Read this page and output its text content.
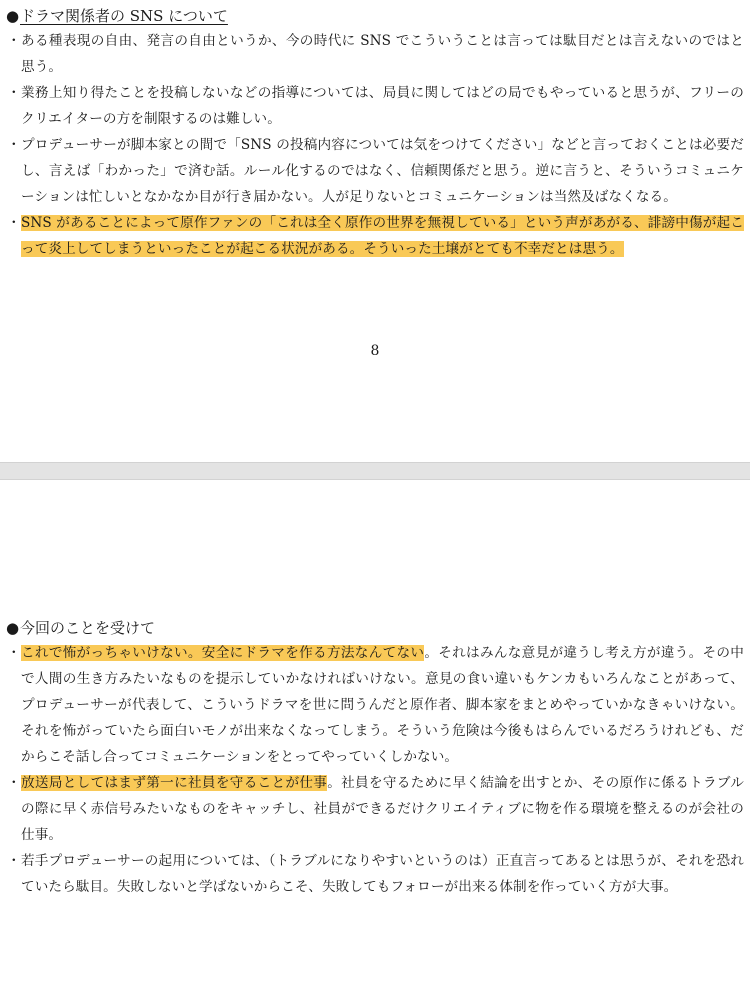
●ドラマ関係者の SNS について
・ ある種表現の自由、発言の自由というか、今の時代に SNS でこういうことは言っては駄目だとは言えないのではと思う。
・ 業務上知り得たことを投稿しないなどの指導については、局員に関してはどの局でもやっていると思うが、フリーのクリエイターの方を制限するのは難しい。
・ プロデューサーが脚本家との間で「SNS の投稿内容については気をつけてください」などと言っておくことは必要だし、言えば「わかった」で済む話。ルール化するのではなく、信頼関係だと思う。逆に言うと、そういうコミュニケーションは忙しいとなかなか目が行き届かない。人が足りないとコミュニケーションは当然及ばなくなる。
・ SNS があることによって原作ファンの「これは全く原作の世界を無視している」という声があがる、誹謗中傷が起こって炎上してしまうといったことが起こる状況がある。そういった土壌がとても不幸だとは思う。
8
●今回のことを受けて
・ これで怖がっちゃいけない。安全にドラマを作る方法なんてない。それはみんな意見が違うし考え方が違う。その中で人間の生き方みたいなものを提示していかなければいけない。意見の食い違いもケンカもいろんなことがあって、プロデューサーが代表して、こういうドラマを世に問うんだと原作者、脚本家をまとめやっていかなきゃいけない。それを怖がっていたら面白いモノが出来なくなってしまう。そういう危険は今後もはらんでいるだろうけれども、だからこそ話し合ってコミュニケーションをとってやっていくしかない。
・ 放送局としてはまず第一に社員を守ることが仕事。社員を守るために早く結論を出すとか、その原作に係るトラブルの際に早く赤信号みたいなものをキャッチし、社員ができるだけクリエイティブに物を作る環境を整えるのが会社の仕事。
・ 若手プロデューサーの起用については、（トラブルになりやすいというのは）正直言ってあるとは思うが、それを恐れていたら駄目。失敗しないと学ばないからこそ、失敗してもフォローが出来る体制を作っていく方が大事。
